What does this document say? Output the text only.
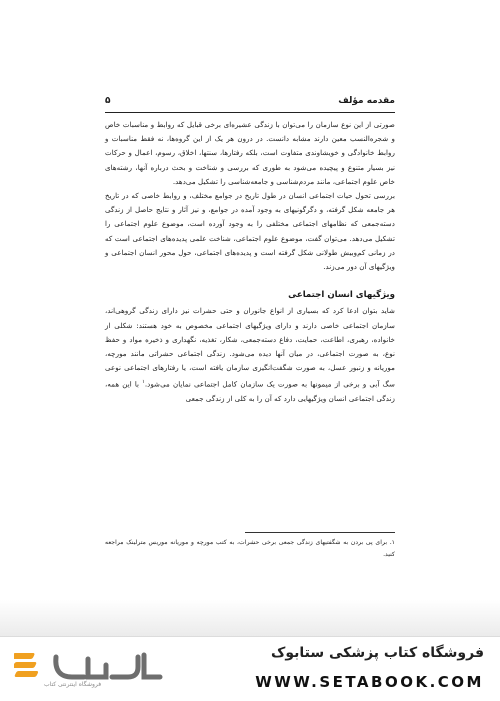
مقدمه مؤلف
۵

صورتی از این نوع سازمان را می‌توان با زندگی عشیره‌ای برخی قبایل که روابط و مناسبات خاص و شجره‌النسب معین دارند مشابه دانست. در درون هر یک از این گروه‌ها، نه فقط مناسبات و روابط خانوادگی و خویشاوندی متفاوت است، بلکه رفتارها، سنتها، اخلاق، رسوم، اعمال و حرکات نیز بسیار متنوع و پیچیده می‌شود به طوری که بررسی و شناخت و بحث درباره آنها، رشته‌های خاص علوم اجتماعی، مانند مردم‌شناسی و جامعه‌شناسی را تشکیل می‌دهد.

بررسی تحول حیات اجتماعی انسان در طول تاریخ در جوامع مختلف، و روابط خاصی که در تاریخ هر جامعه شکل گرفته، و دگرگونیهای به وجود آمده در جوامع، و نیز آثار و نتایج حاصل از زندگی دسته‌جمعی که نظامهای اجتماعی مختلفی را به وجود آورده است، موضوع علوم اجتماعی را تشکیل می‌دهد. می‌توان گفت، موضوع علوم اجتماعی، شناخت علمی پدیده‌های اجتماعی است که در زمانی کم‌وبیش طولانی شکل گرفته است و پدیده‌های اجتماعی، حول محور انسان اجتماعی و ویژگیهای آن دور می‌زند.

ویژگیهای انسان اجتماعی

شاید بتوان ادعا کرد که بسیاری از انواع جانوران و حتی حشرات نیز دارای زندگی گروهی‌اند، سازمان اجتماعی خاصی دارند و دارای ویژگیهای اجتماعی مخصوص به خود هستند: شکلی از خانواده، رهبری، اطاعت، حمایت، دفاع دسته‌جمعی، شکار، تغذیه، نگهداری و ذخیره مواد و حفظ نوع، به صورت اجتماعی، در میان آنها دیده می‌شود. زندگی اجتماعی حشراتی مانند مورچه، موریانه و زنبور عسل، به صورت شگفت‌انگیزی سازمان یافته است، یا رفتارهای اجتماعی نوعی سگ آبی و برخی از میمونها به صورت یک سازمان کامل اجتماعی نمایان می‌شود.$^۱$ با این همه، زندگی اجتماعی انسان ویژگیهایی دارد که آن را به کلی از زندگی جمعی

۱. برای پی بردن به شگفتیهای زندگی جمعی برخی حشرات، به کتب مورچه و موریانه موریس مترلینک مراجعه کنید.
فروشگاه اینترنتی کتاب
فروشگاه کتاب پزشکی ستابوک
WWW.SETABOOK.COM
